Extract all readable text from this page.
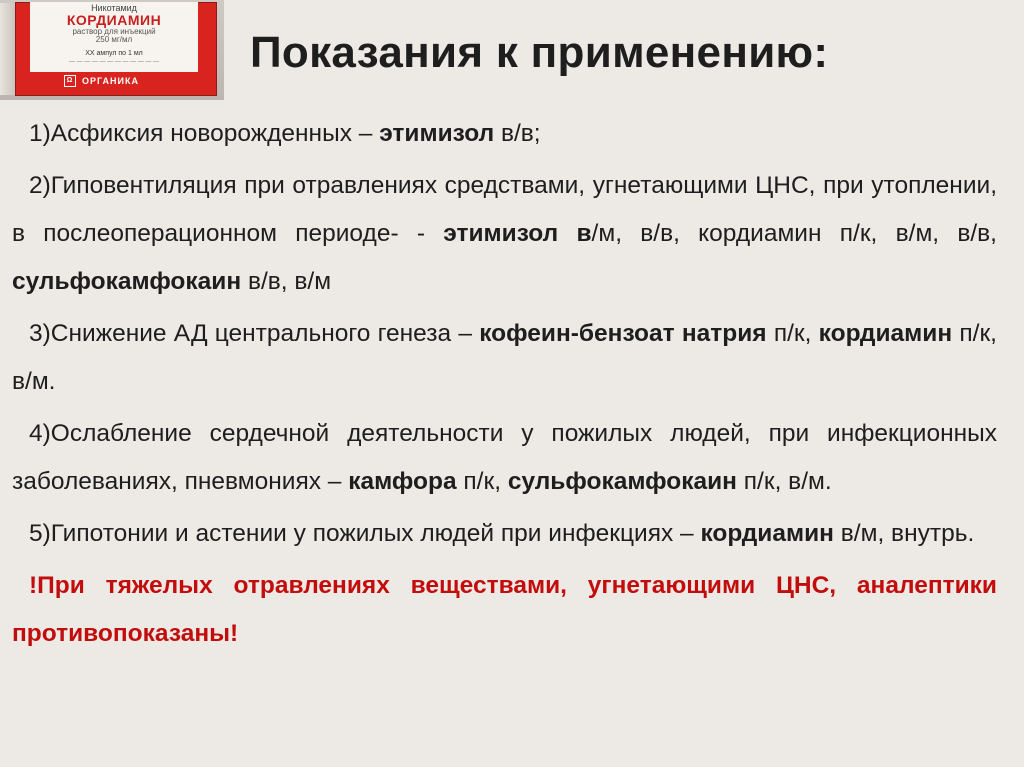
Никотамид
КОРДИАМИН
раствор для инъекций
250 мг/мл
XX ампул по 1 мл
— — — — — — — — — — — —
Ω ОРГАНИКА
Показания к применению:

1)Асфиксия новорожденных – этимизол в/в;

2)Гиповентиляция при отравлениях средствами, угнетающими ЦНС, при утоплении, в послеоперационном периоде- - этимизол в/м, в/в, кордиамин п/к, в/м, в/в, сульфокамфокаин в/в, в/м

3)Снижение АД центрального генеза – кофеин-бензоат натрия п/к, кордиамин п/к, в/м.

4)Ослабление сердечной деятельности у пожилых людей, при инфекционных заболеваниях, пневмониях – камфора п/к, сульфокамфокаин п/к, в/м.

5)Гипотонии и астении у пожилых людей при инфекциях – кордиамин в/м, внутрь.

!При тяжелых отравлениях веществами, угнетающими ЦНС, аналептики противопоказаны!
